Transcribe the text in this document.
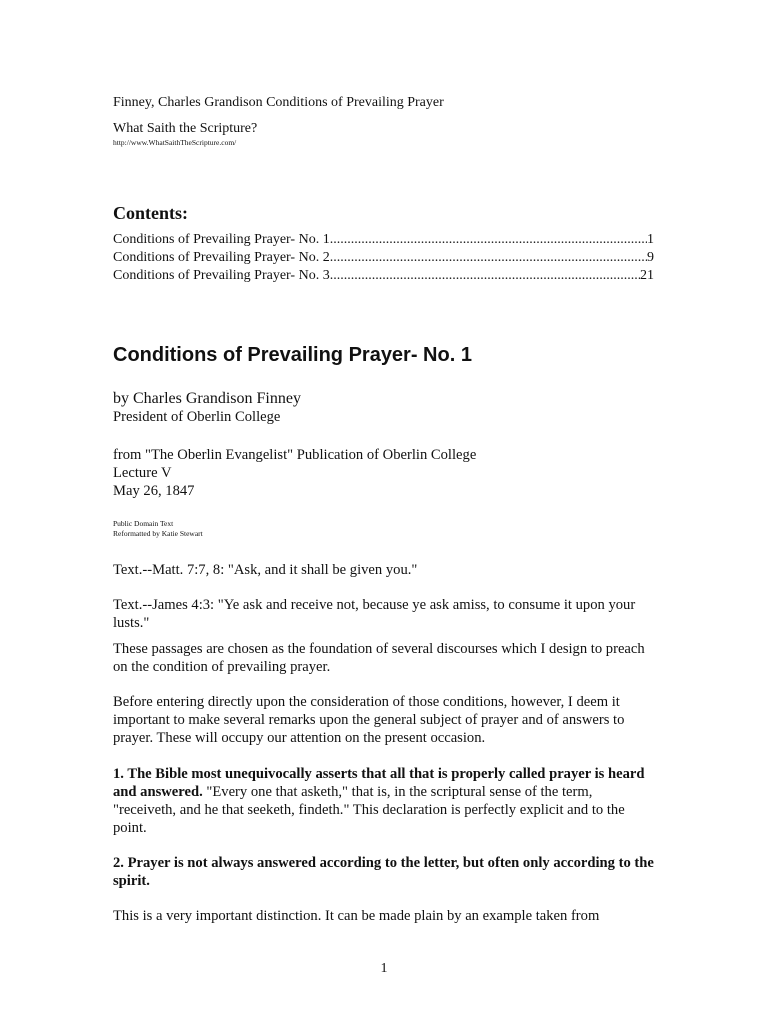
Finney, Charles Grandison Conditions of Prevailing Prayer
What Saith the Scripture?
http://www.WhatSaithTheScripture.com/
Contents:
Conditions of Prevailing Prayer- No. 1 .....	1
Conditions of Prevailing Prayer- No. 2 .....	9
Conditions of Prevailing Prayer- No. 3 .....	21
Conditions of Prevailing Prayer- No. 1
by Charles Grandison Finney
President of Oberlin College
from "The Oberlin Evangelist" Publication of Oberlin College
Lecture V
May 26, 1847
Public Domain Text
Reformatted by Katie Stewart
Text.--Matt. 7:7, 8: "Ask, and it shall be given you."
Text.--James 4:3: "Ye ask and receive not, because ye ask amiss, to consume it upon your lusts."
These passages are chosen as the foundation of several discourses which I design to preach on the condition of prevailing prayer.
Before entering directly upon the consideration of those conditions, however, I deem it important to make several remarks upon the general subject of prayer and of answers to prayer. These will occupy our attention on the present occasion.
1. The Bible most unequivocally asserts that all that is properly called prayer is heard and answered. "Every one that asketh," that is, in the scriptural sense of the term, "receiveth, and he that seeketh, findeth." This declaration is perfectly explicit and to the point.
2. Prayer is not always answered according to the letter, but often only according to the spirit.
This is a very important distinction. It can be made plain by an example taken from
1
